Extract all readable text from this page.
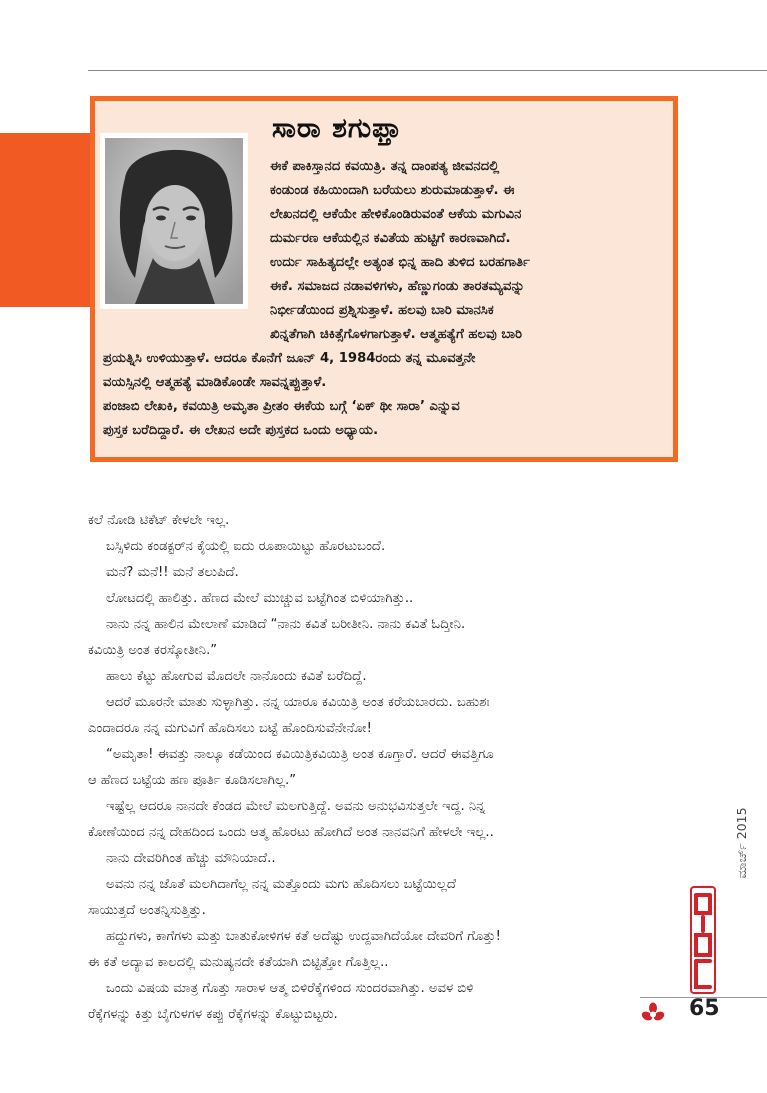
ಸಾರಾ ಶಗುಫ್ತಾ
ಈಕೆ ಪಾಕಿಸ್ತಾನದ ಕವಯಿತ್ರಿ. ತನ್ನ ದಾಂಪತ್ಯ ಜೀವನದಲ್ಲಿ
ಕಂಡುಂಡ ಕಹಿಯಿಂದಾಗಿ ಬರೆಯಲು ಶುರುಮಾಡುತ್ತಾಳೆ. ಈ
ಲೇಖನದಲ್ಲಿ ಆಕೆಯೇ ಹೇಳಿಕೊಂಡಿರುವಂತೆ ಆಕೆಯ ಮಗುವಿನ
ದುರ್ಮರಣ ಆಕೆಯಲ್ಲಿನ ಕವಿತೆಯ ಹುಟ್ಟಿಗೆ ಕಾರಣವಾಗಿದೆ.
ಉರ್ದು ಸಾಹಿತ್ಯದಲ್ಲೇ ಅತ್ಯಂತ ಭಿನ್ನ ಹಾದಿ ತುಳಿದ ಬರಹಗಾರ್ತಿ
ಈಕೆ. ಸಮಾಜದ ನಡಾವಳಿಗಳು, ಹೆಣ್ಣುಗಂಡು ತಾರತಮ್ಯವನ್ನು
ನಿರ್ಭೀಡೆಯಿಂದ ಪ್ರಶ್ನಿಸುತ್ತಾಳೆ. ಹಲವು ಬಾರಿ ಮಾನಸಿಕ
ಖಿನ್ನತೆಗಾಗಿ ಚಿಕಿತ್ಸೆಗೊಳಗಾಗುತ್ತಾಳೆ. ಆತ್ಮಹತ್ಯೆಗೆ ಹಲವು ಬಾರಿ
ಪ್ರಯತ್ನಿಸಿ ಉಳಿಯುತ್ತಾಳೆ. ಆದರೂ ಕೊನೆಗೆ ಜೂನ್ 4, 1984ರಂದು ತನ್ನ ಮೂವತ್ತನೇ
ವಯಸ್ಸಿನಲ್ಲಿ ಆತ್ಮಹತ್ಯೆ ಮಾಡಿಕೊಂಡೇ ಸಾವನ್ನಪ್ಪುತ್ತಾಳೆ.
ಪಂಜಾಬಿ ಲೇಖಕಿ, ಕವಯಿತ್ರಿ ಅಮೃತಾ ಪ್ರೀತಂ ಈಕೆಯ ಬಗ್ಗೆ ‘ಏಕ್ ಥೀ ಸಾರಾ’ ಎನ್ನುವ
ಪುಸ್ತಕ ಬರೆದಿದ್ದಾರೆ. ಈ ಲೇಖನ ಅದೇ ಪುಸ್ತಕದ ಒಂದು ಅಧ್ಯಾಯ.
ಕಲೆ ನೋಡಿ ಟಿಕೆಟ್ ಕೇಳಲೇ ಇಲ್ಲ.
ಬಸ್ಸಿಳಿದು ಕಂಡಕ್ಟರ್‌ನ ಕೈಯಲ್ಲಿ ಐದು ರೂಪಾಯಿಟ್ಟು ಹೊರಟುಬಂದೆ.
ಮನೆ? ಮನೆ!! ಮನೆ ತಲುಪಿದೆ.
ಲೋಟದಲ್ಲಿ ಹಾಲಿತ್ತು. ಹೆಣದ ಮೇಲೆ ಮುಚ್ಚುವ ಬಟ್ಟೆಗಿಂತ ಬಿಳಿಯಾಗಿತ್ತು..
ನಾನು ನನ್ನ ಹಾಲಿನ ಮೇಲಾಣೆ ಮಾಡಿದೆ “ನಾನು ಕವಿತೆ ಬರೀತೀನಿ. ನಾನು ಕವಿತೆ ಓದ್ತೀನಿ.
ಕವಿಯಿತ್ರಿ ಅಂತ ಕರಸ್ಕೋತೀನಿ.”
ಹಾಲು ಕೆಟ್ಟು ಹೋಗುವ ಮೊದಲೇ ನಾನೊಂದು ಕವಿತೆ ಬರೆದಿದ್ದೆ.
ಆದರೆ ಮೂರನೇ ಮಾತು ಸುಳ್ಳಾಗಿತ್ತು. ನನ್ನ ಯಾರೂ ಕವಿಯಿತ್ರಿ ಅಂತ ಕರೆಯಬಾರದು. ಬಹುಶಃ
ಎಂದಾದರೂ ನನ್ನ ಮಗುವಿಗೆ ಹೊದಿಸಲು ಬಟ್ಟೆ ಹೊಂದಿಸುವೆನೇನೋ!
“ಅಮೃತಾ! ಈವತ್ತು ನಾಲ್ಕೂ ಕಡೆಯಿಂದ ಕವಿಯಿತ್ರಿಕವಿಯಿತ್ರಿ ಅಂತ ಕೂಗ್ತಾರೆ. ಆದರೆ ಈವತ್ತಿಗೂ
ಆ ಹೆಣದ ಬಟ್ಟೆಯ ಹಣ ಪೂರ್ತಿ ಕೂಡಿಸಲಾಗಿಲ್ಲ.”
ಇಷ್ಟೆಲ್ಲ ಆದರೂ ನಾನದೇ ಕೆಂಡದ ಮೇಲೆ ಮಲಗುತ್ತಿದ್ದೆ. ಅವನು ಅನುಭವಿಸುತ್ತಲೇ ಇದ್ದ. ನಿನ್ನ
ಕೋಣೆಯಿಂದ ನನ್ನ ದೇಹದಿಂದ ಒಂದು ಆತ್ಮ ಹೊರಟು ಹೋಗಿದೆ ಅಂತ ನಾನವನಿಗೆ ಹೇಳಲೇ ಇಲ್ಲ..
ನಾನು ದೇವರಿಗಿಂತ ಹೆಚ್ಚು ಮೌನಿಯಾದೆ..
ಅವನು ನನ್ನ ಜೊತೆ ಮಲಗಿದಾಗೆಲ್ಲ ನನ್ನ ಮತ್ತೊಂದು ಮಗು ಹೊದಿಸಲು ಬಟ್ಟೆಯಿಲ್ಲದೆ
ಸಾಯುತ್ತದೆ ಅಂತನ್ನಿಸುತ್ತಿತ್ತು.
ಹದ್ದುಗಳು, ಕಾಗೆಗಳು ಮತ್ತು ಬಾತುಕೋಳಿಗಳ ಕತೆ ಅದೆಷ್ಟು ಉದ್ದವಾಗಿದೆಯೋ ದೇವರಿಗೆ ಗೊತ್ತು!
ಈ ಕತೆ ಅದ್ಯಾವ ಕಾಲದಲ್ಲಿ ಮನುಷ್ಯನದೇ ಕತೆಯಾಗಿ ಬಿಟ್ಟಿತ್ತೋ ಗೊತ್ತಿಲ್ಲ..
ಒಂದು ವಿಷಯ ಮಾತ್ರ ಗೊತ್ತು ಸಾರಾಳ ಆತ್ಮ ಬಿಳಿರೆಕ್ಕೆಗಳಿಂದ ಸುಂದರವಾಗಿತ್ತು. ಅವಳ ಬಿಳಿ
ರೆಕ್ಕೆಗಳನ್ನು ಕಿತ್ತು ಬೈಗುಳಗಳ ಕಪ್ಪು ರೆಕ್ಕೆಗಳನ್ನು ಕೊಟ್ಟುಬಿಟ್ಟರು.
ಮಾರ್ಚ್ 2015
65
